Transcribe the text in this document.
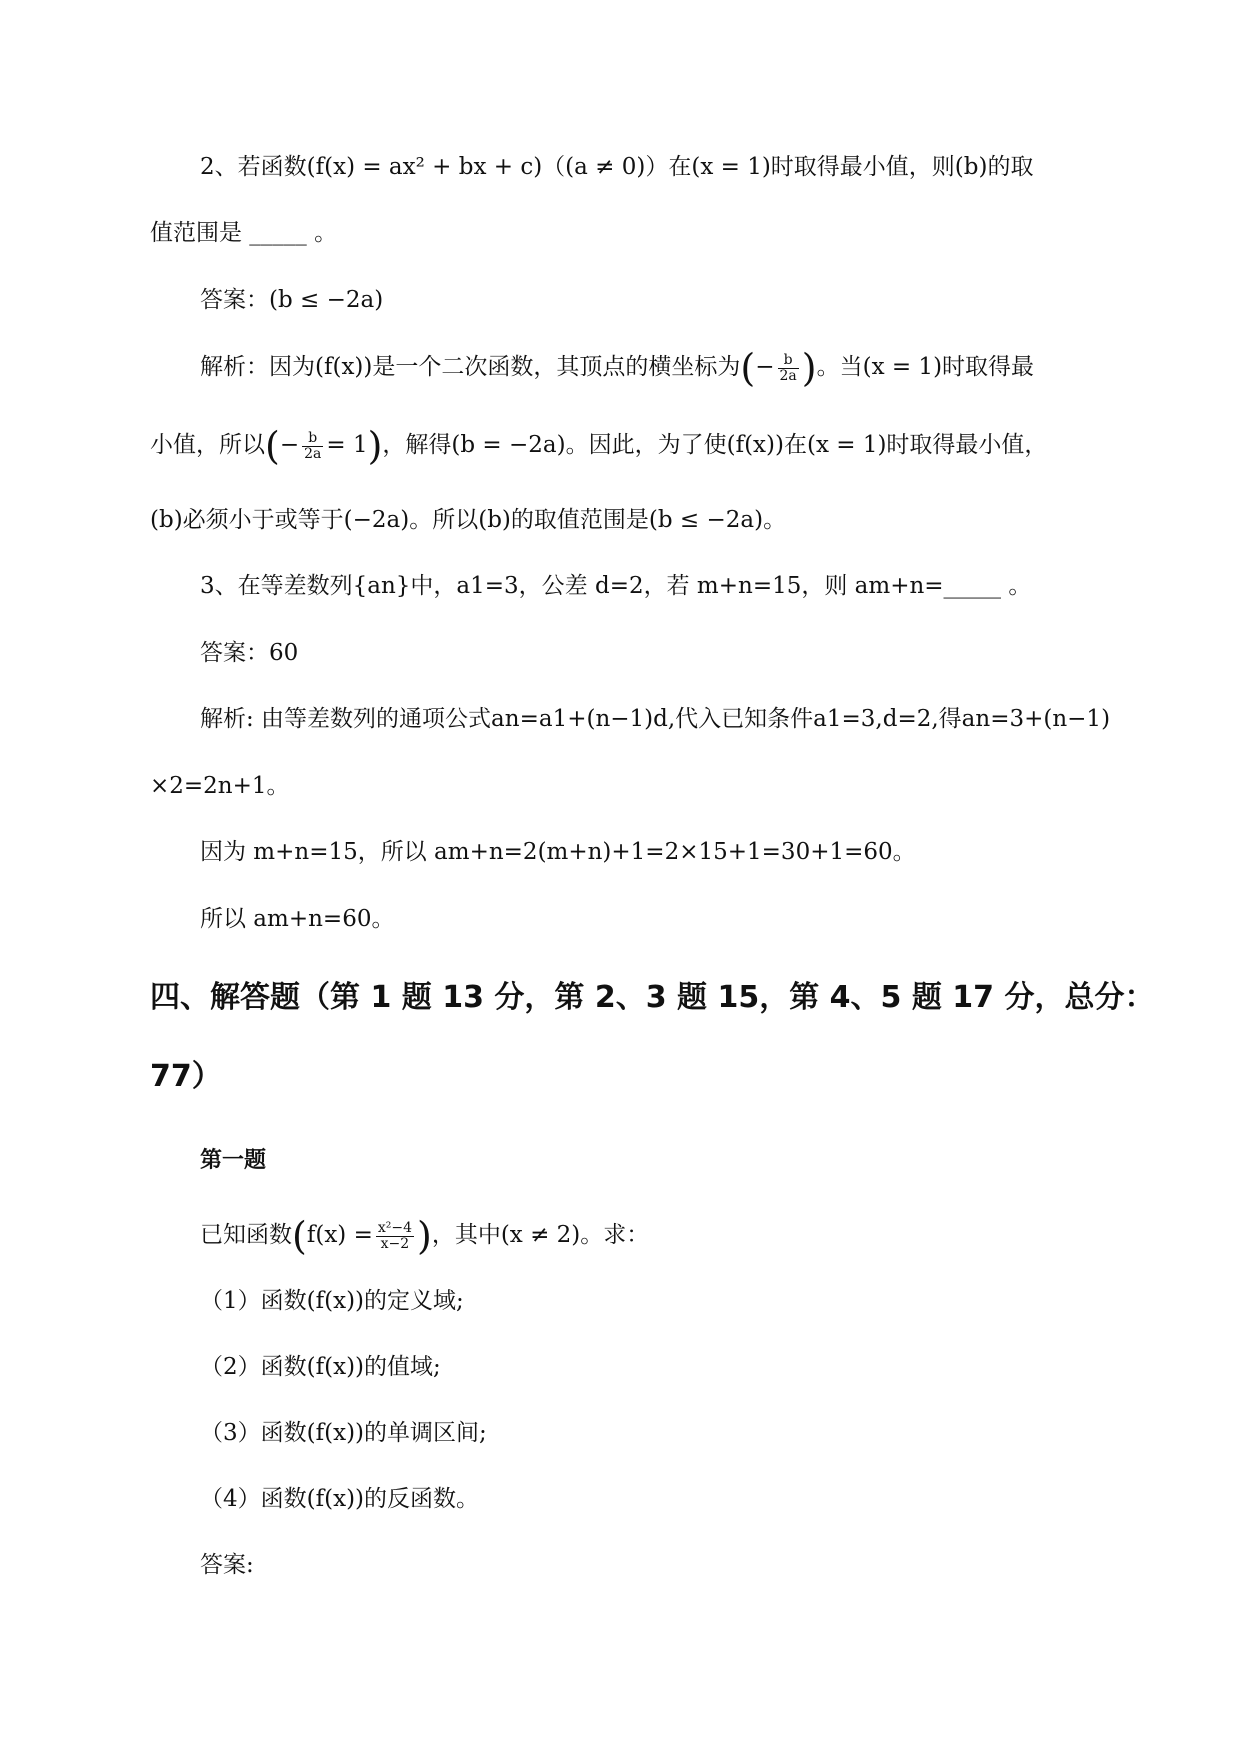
2、若函数(f(x) = ax² + bx + c)（(a ≠ 0)）在(x = 1)时取得最小值，则(b)的取
值范围是 _____ 。
答案：(b ≤ −2a)
解析：因为(f(x))是一个二次函数，其顶点的横坐标为(− $\frac{b}{2a}$ )。当(x = 1)时取得最
小值，所以(− $\frac{b}{2a} = 1$)，解得(b = −2a)。因此，为了使(f(x))在(x = 1)时取得最小值，
(b)必须小于或等于(−2a)。所以(b)的取值范围是(b ≤ −2a)。
3、在等差数列{an}中，a1=3，公差 d=2，若 m+n=15，则 am+n=_____ 。
答案：60
解析: 由等差数列的通项公式an=a1+(n−1)d,代入已知条件a1=3,d=2,得an=3+(n−1)
×2=2n+1。
因为 m+n=15，所以 am+n=2(m+n)+1=2×15+1=30+1=60。
所以 am+n=60。
四、解答题（第 1 题 13 分，第 2、3 题 15，第 4、5 题 17 分，总分：
77）
第一题
已知函数($f(x) = \frac{\text{x²−4}}{x-2}$ )，其中(x ≠ 2)。求：
（1）函数(f(x))的定义域;
（2）函数(f(x))的值域;
（3）函数(f(x))的单调区间;
（4）函数(f(x))的反函数。
答案:
